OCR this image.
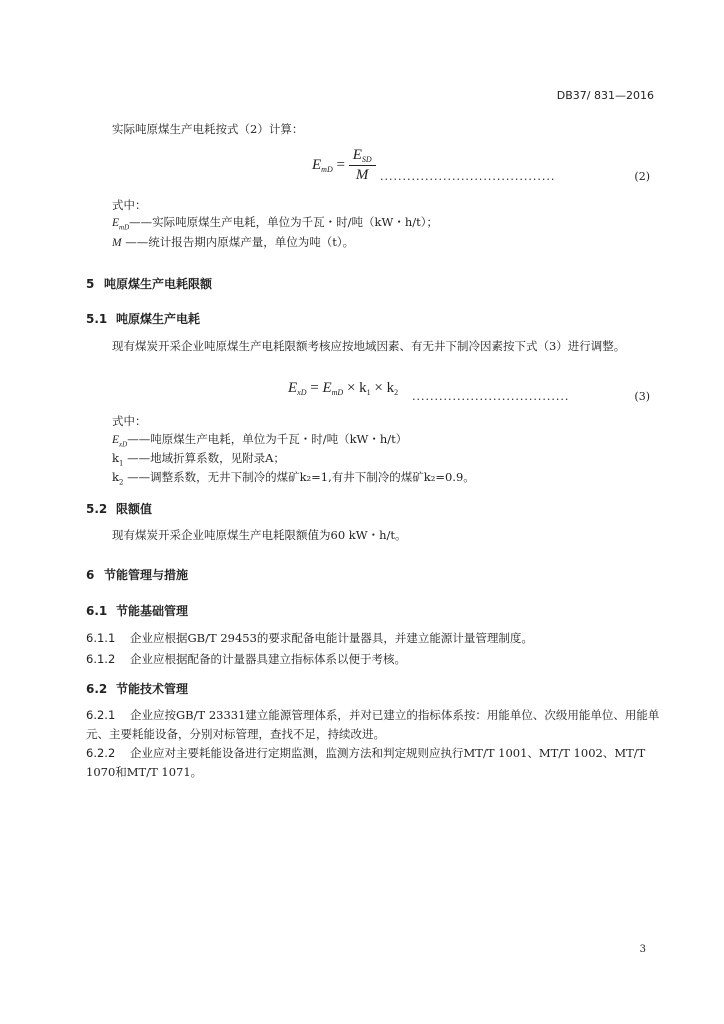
DB37/ 831—2016
实际吨原煤生产电耗按式（2）计算：
$E_{mD} = \frac{E_{SD}}{M}$ .......................................	(2)
式中：
$E_{mD}——$实际吨原煤生产电耗，单位为千瓦・时/吨（kW・h/t）；
M ——统计报告期内原煤产量，单位为吨（t）。
5 吨原煤生产电耗限额
5.1 吨原煤生产电耗
现有煤炭开采企业吨原煤生产电耗限额考核应按地域因素、有无井下制冷因素按下式（3）进行调整。
$E_{xD} = E_{mD} \times k_1 \times k_2$ ...................................	(3)
式中：
$E_{xD}——$吨原煤生产电耗，单位为千瓦・时/吨（kW・h/t）
$k_1$ ——地域折算系数，见附录A；
$k_2$ ——调整系数，无井下制冷的煤矿k₂=1,有井下制冷的煤矿k₂=0.9。
5.2 限额值
现有煤炭开采企业吨原煤生产电耗限额值为60 kW・h/t。
6 节能管理与措施
6.1 节能基础管理
6.1.1 企业应根据GB/T 29453的要求配备电能计量器具，并建立能源计量管理制度。
6.1.2 企业应根据配备的计量器具建立指标体系以便于考核。
6.2 节能技术管理
6.2.1 企业应按GB/T 23331建立能源管理体系，并对已建立的指标体系按：用能单位、次级用能单位、用能单元、主要耗能设备，分别对标管理，查找不足，持续改进。
6.2.2 企业应对主要耗能设备进行定期监测，监测方法和判定规则应执行MT/T 1001、MT/T 1002、MT/T 1070和MT/T 1071。
3
